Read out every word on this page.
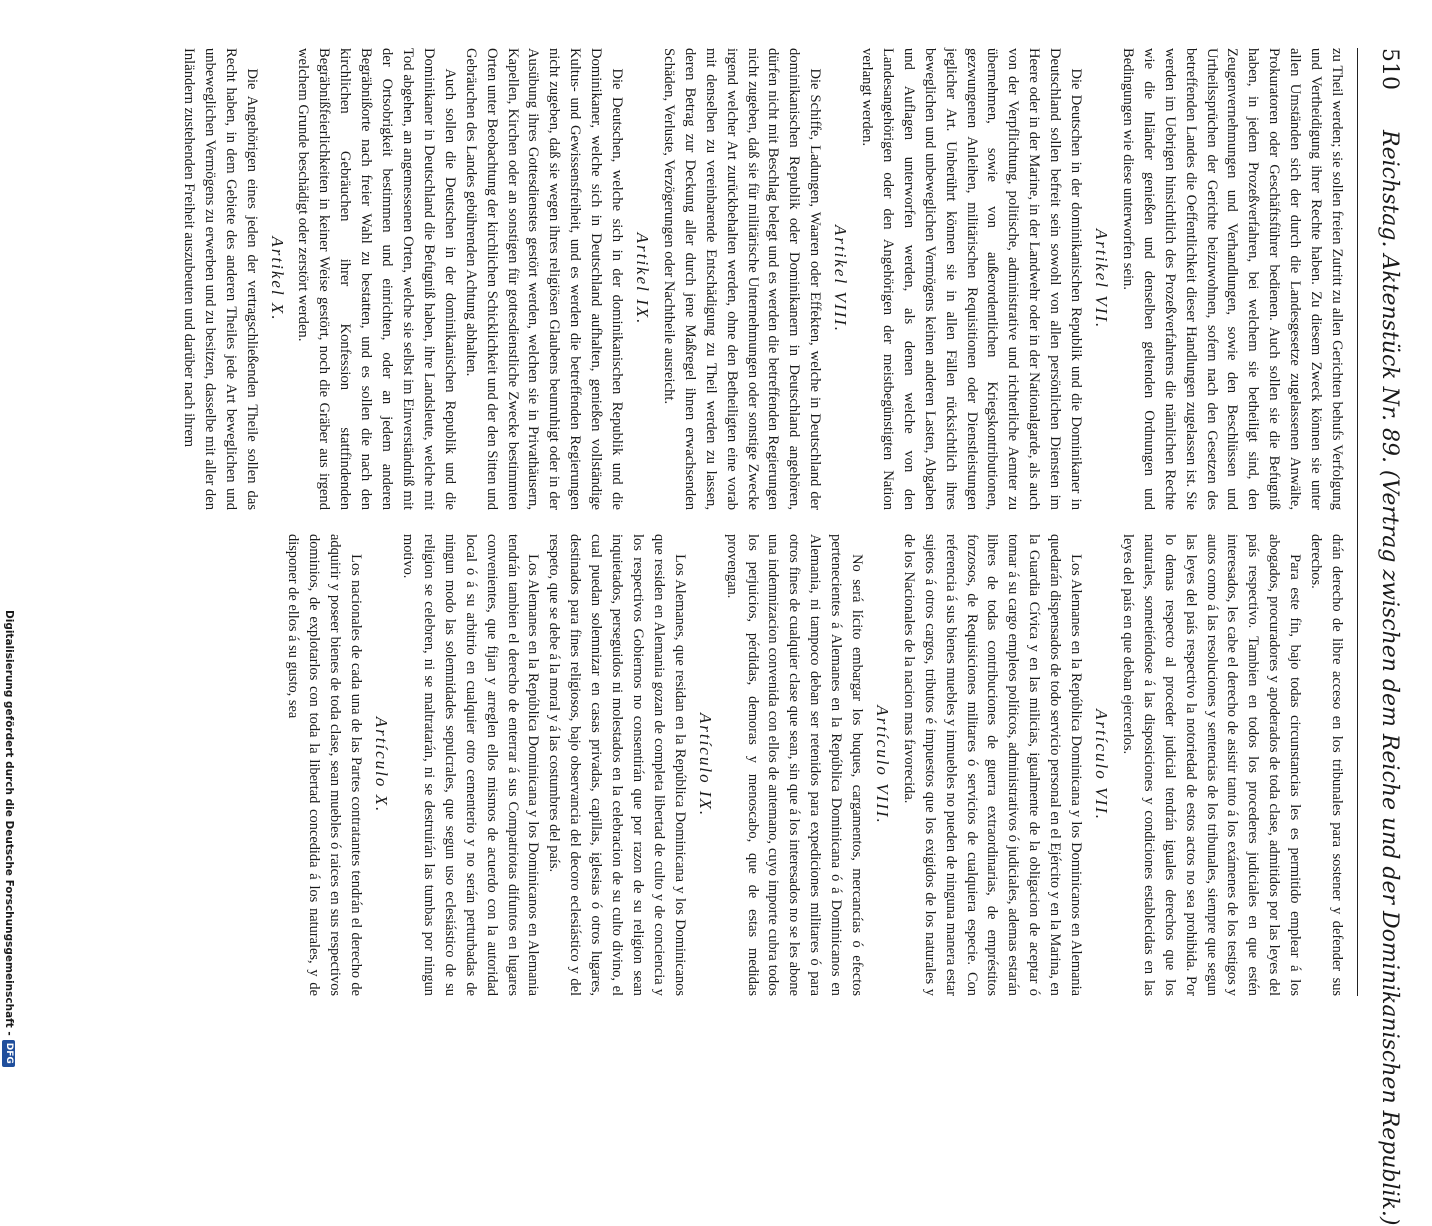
510
Reichstag. Aktenstück Nr. 89. (Vertrag zwischen dem Reiche und der Dominikanischen Republik.)

zu Theil werden; sie sollen freien Zutritt zu allen Gerichten behufs Verfolgung und Vertheidigung ihrer Rechte haben. Zu diesem Zweck können sie unter allen Umständen sich der durch die Landesgesetze zugelassenen Anwälte, Prokuratoren oder Geschäftsführer bedienen. Auch sollen sie die Befugniß haben, in jedem Prozeßverfahren, bei welchem sie betheiligt sind, den Zeugenvernehmungen und Verhandlungen, sowie den Beschlüssen und Urtheilssprüchen der Gerichte beizuwohnen, sofern nach den Gesetzen des betreffenden Landes die Oeffentlichkeit dieser Handlungen zugelassen ist. Sie werden im Uebrigen hinsichtlich des Prozeßverfahrens die nämlichen Rechte wie die Inländer genießen und denselben geltenden Ordnungen und Bedingungen wie diese unterworfen sein.

Artikel VII.

Die Deutschen in der dominikanischen Republik und die Dominikaner in Deutschland sollen befreit sein sowohl von allen persönlichen Diensten im Heere oder in der Marine, in der Landwehr oder in der Nationalgarde, als auch von der Verpflichtung, politische, administrative und richterliche Aemter zu übernehmen, sowie von außerordentlichen Kriegskontributionen, gezwungenen Anleihen, militärischen Requisitionen oder Dienstleistungen jeglicher Art. Unberührt können sie in allen Fällen rücksichtlich ihres beweglichen und unbeweglichen Vermögens keinen anderen Lasten, Abgaben und Auflagen unterworfen werden, als denen welche von den Landesangehörigen oder den Angehörigen der meistbegünstigten Nation verlangt werden.

Artikel VIII.

Die Schiffe, Ladungen, Waaren oder Effekten, welche in Deutschland der dominikanischen Republik oder Dominikanern in Deutschland angehören, dürfen nicht mit Beschlag belegt und es werden die betreffenden Regierungen nicht zugeben, daß sie für militärische Unternehmungen oder sonstige Zwecke irgend welcher Art zurückbehalten werden, ohne den Betheiligten eine vorab mit denselben zu vereinbarende Entschädigung zu Theil werden zu lassen, deren Betrag zur Deckung aller durch jene Maßregel ihnen erwachsenden Schäden, Verluste, Verzögerungen oder Nachtheile ausreicht.

Artikel IX.

Die Deutschen, welche sich in der dominikanischen Republik und die Dominikaner, welche sich in Deutschland aufhalten, genießen vollständige Kultus- und Gewissensfreiheit, und es werden die betreffenden Regierungen nicht zugeben, daß sie wegen ihres religiösen Glaubens beunruhigt oder in der Ausübung ihres Gottesdienstes gestört werden, welchen sie in Privathäusern, Kapellen, Kirchen oder an sonstigen für gottesdienstliche Zwecke bestimmten Orten unter Beobachtung der kirchlichen Schicklichkeit und der den Sitten und Gebräuchen des Landes gebührenden Achtung abhalten.

Auch sollen die Deutschen in der dominikanischen Republik und die Dominikaner in Deutschland die Befugniß haben, ihre Landsleute, welche mit Tod abgehen, an angemessenen Orten, welche sie selbst im Einverständniß mit der Ortsobrigkeit bestimmen und einrichten, oder an jedem anderen Begräbnißorte nach freier Wahl zu bestatten, und es sollen die nach den kirchlichen Gebräuchen ihrer Konfession stattfindenden Begräbnißfeierlichkeiten in keiner Weise gestört, noch die Gräber aus irgend welchem Grunde beschädigt oder zerstört werden.

Artikel X.

Die Angehörigen eines jeden der vertragschließenden Theile sollen das Recht haben, in dem Gebiete des anderen Theiles jede Art beweglichen und unbeweglichen Vermögens zu erwerben und zu besitzen, dasselbe mit aller den Inländern zustehenden Freiheit auszubeuten und darüber nach ihrem

drán derecho de libre acceso en los tribunales para sostener y defender sus derechos.

Para este fin, bajo todas circunstancias les es permitido emplear á los abogados, procuradores y apoderados de toda clase, admitidos por las leyes del país respectivo. Tambien en todos los procederes judiciales en que estén interesados, les cabe el derecho de asistir tanto á los exámenes de los testigos y autos como á las resoluciones y sentencias de los tribunales, siempre que segun las leyes del país respectivo la notoriedad de estos actos no sea prohibida. Por lo demas respecto al proceder judicial tendrán iguales derechos que los naturales, sometiéndose á las disposiciones y condiciones establecidas en las leyes del país en que deban ejercerlos.

Artículo VII.

Los Alemanes en la República Dominicana y los Dominicanos en Alemania quedarán dispensados de todo servicio personal en el Ejército y en la Marina, en la Guardia Cívica y en las milicias, igualmente de la obligacion de aceptar ó tomar á su cargo empleos políticos, administrativos ó judiciales, ademas estarán libres de todas contribuciones de guerra extraordinarias, de empréstitos forzosos, de Requisiciones militares ó servicios de cualquiera especie. Con referencia á sus bienes muebles y inmuebles no pueden de ninguna manera estar sujetos á otros cargos, tributos é impuestos que los exigidos de los naturales y de los Nacionales de la nacion mas favorecida.

Artículo VIII.

No será lícito embargar los buques, cargamentos, mercancías ó efectos pertenecientes á Alemanes en la República Dominicana ó á Dominicanos en Alemania, ni tampoco deban ser retenidos para expediciones militares ó para otros fines de cualquier clase que sean, sin que á los interesados no se les abone una indemnizacion convenida con ellos de antemano, cuyo importe cubra todos los perjuicios, pérdidas, demoras y menoscabo, que de estas medidas provengan.

Artículo IX.

Los Alemanes, que residan en la República Dominicana y los Dominicanos que residen en Alemania gozan de completa libertad de culto y de conciencia y los respectivos Gobiernos no consentirán que por razon de su religion sean inquietados, perseguidos ni molestados en la celebracion de su culto divino, el cual puedan solemnizar en casas privadas, capillas, iglesias ó otros lugares, destinados para fines religiosos, bajo observancia del decoro eclesiástico y del respeto, que se debe á la moral y á las costumbres del país.

Los Alemanes en la República Dominicana y los Dominicanos en Alemania tendrán tambien el derecho de enterrar á sus Compatriotas difuntos en lugares convenientes, que fijan y arreglen ellos mismos de acuerdo con la autoridad local ó á su arbitrio en cualquier otro cementerio y no serán perturbadas de ningun modo las solemnidades sepulcrales, que segun uso eclesiástico de su religion se celebren, ni se maltratarán, ni se destruirán las tumbas por ningun motivo.

Artículo X.

Los nacionales de cada una de las Partes contratantes tendrán el derecho de adquirir y poseer bienes de toda clase, sean muebles ó raices en sus respectivos dominios, de explotarlos con toda la libertad concedida á los naturales, y de disponer de ellos á su gusto, sea

Digitalisierung gefördert durch die Deutsche Forschungsgemeinschaft -
DFG
